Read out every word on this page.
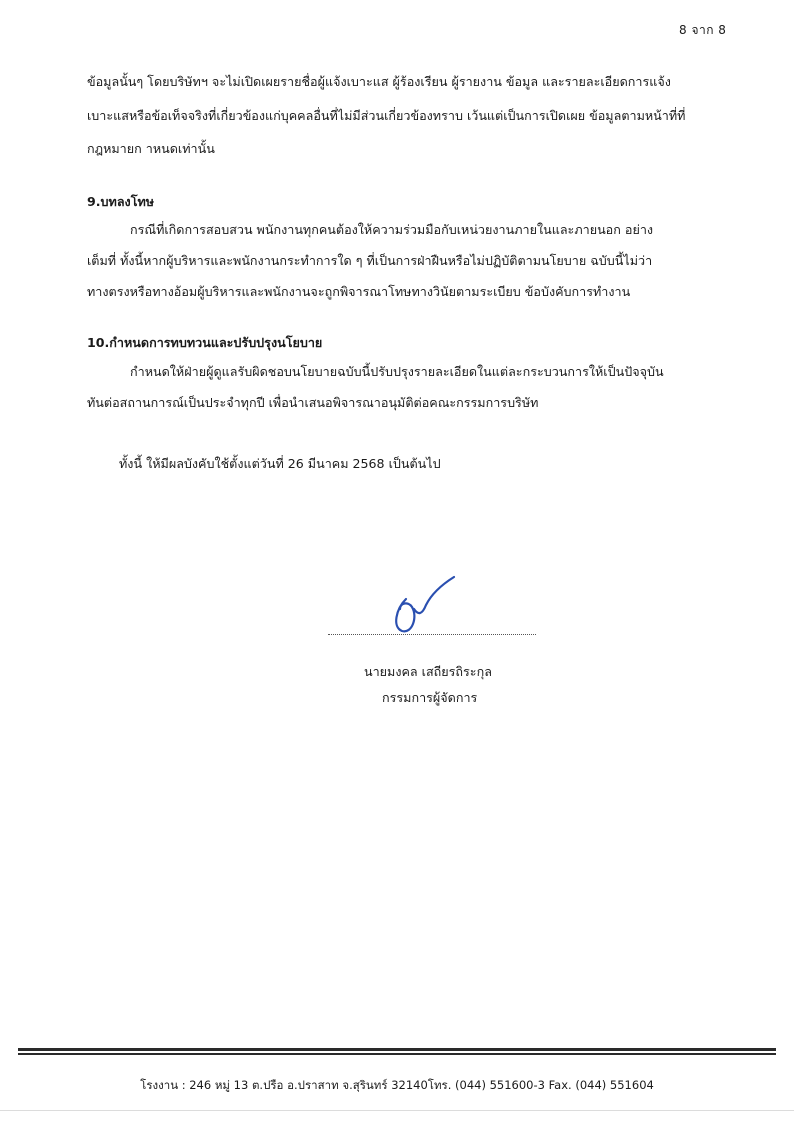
8 จาก 8
ข้อมูลนั้นๆ โดยบริษัทฯ จะไม่เปิดเผยรายชื่อผู้แจ้งเบาะแส ผู้ร้องเรียน ผู้รายงาน ข้อมูล และรายละเอียดการแจ้ง
เบาะแสหรือข้อเท็จจริงที่เกี่ยวข้องแก่บุคคลอื่นที่ไม่มีส่วนเกี่ยวข้องทราบ เว้นแต่เป็นการเปิดเผย ข้อมูลตามหน้าที่ที่
กฎหมายก าหนดเท่านั้น
9.บทลงโทษ
กรณีที่เกิดการสอบสวน พนักงานทุกคนต้องให้ความร่วมมือกับเหน่วยงานภายในและภายนอก อย่าง
เต็มที่ ทั้งนี้หากผู้บริหารและพนักงานกระทำการใด ๆ ที่เป็นการฝ่าฝืนหรือไม่ปฏิบัติตามนโยบาย ฉบับนี้ไม่ว่า
ทางตรงหรือทางอ้อมผู้บริหารและพนักงานจะถูกพิจารณาโทษทางวินัยตามระเบียบ ข้อบังคับการทำงาน
10.กำหนดการทบทวนและปรับปรุงนโยบาย
กำหนดให้ฝ่ายผู้ดูแลรับผิดชอบนโยบายฉบับนี้ปรับปรุงรายละเอียดในแต่ละกระบวนการให้เป็นปัจจุบัน
ทันต่อสถานการณ์เป็นประจำทุกปี เพื่อนำเสนอพิจารณาอนุมัติต่อคณะกรรมการบริษัท
ทั้งนี้ ให้มีผลบังคับใช้ตั้งแต่วันที่ 26 มีนาคม 2568 เป็นต้นไป
นายมงคล เสถียรถิระกุล
กรรมการผู้จัดการ
โรงงาน : 246 หมู่ 13 ต.ปรือ อ.ปราสาท จ.สุรินทร์ 32140โทร. (044) 551600-3 Fax. (044) 551604
